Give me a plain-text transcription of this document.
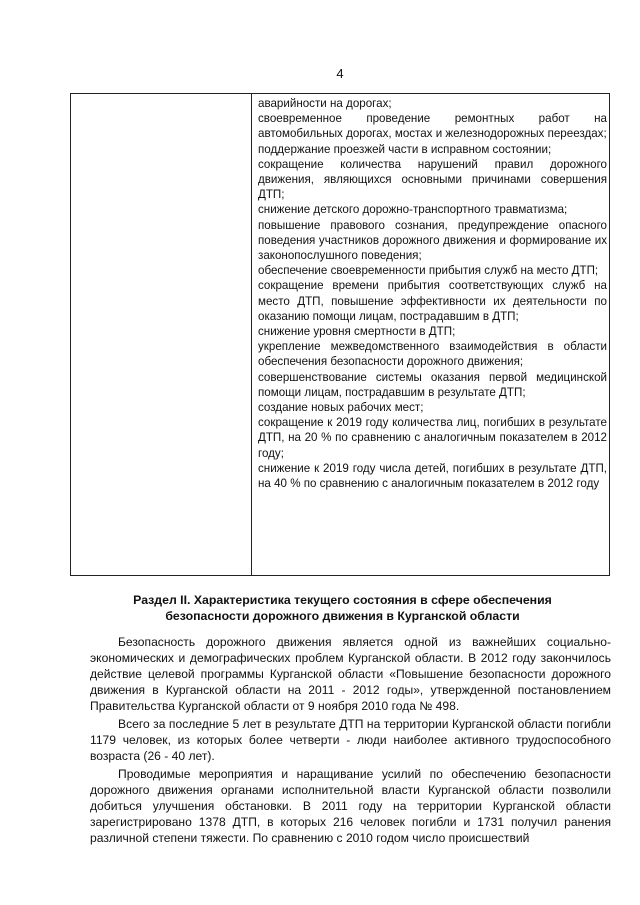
4

аварийности на дорогах;

своевременное проведение ремонтных работ на автомобильных дорогах, мостах и железнодорожных переездах;

поддержание проезжей части в исправном состоянии;

сокращение количества нарушений правил дорожного движения, являющихся основными причинами совершения ДТП;

снижение детского дорожно-транспортного травматизма;

повышение правового сознания, предупреждение опасного поведения участников дорожного движения и формирование их законопослушного поведения;

обеспечение своевременности прибытия служб на место ДТП;

сокращение времени прибытия соответствующих служб на место ДТП, повышение эффективности их деятельности по оказанию помощи лицам, пострадавшим в ДТП;

снижение уровня смертности в ДТП;

укрепление межведомственного взаимодействия в области обеспечения безопасности дорожного движения;

совершенствование системы оказания первой медицинской помощи лицам, пострадавшим в результате ДТП;

создание новых рабочих мест;

сокращение к 2019 году количества лиц, погибших в результате ДТП, на 20 % по сравнению с аналогичным показателем в 2012 году;

снижение к 2019 году числа детей, погибших в результате ДТП, на 40 % по сравнению с аналогичным показателем в 2012 году

Раздел II. Характеристика текущего состояния в сфере обеспечения
безопасности дорожного движения в Курганской области

Безопасность дорожного движения является одной из важнейших социально-экономических и демографических проблем Курганской области. В 2012 году закончилось действие целевой программы Курганской области «Повышение безопасности дорожного движения в Курганской области на 2011 - 2012 годы», утвержденной постановлением Правительства Курганской области от 9 ноября 2010 года № 498.

Всего за последние 5 лет в результате ДТП на территории Курганской области погибли 1179 человек, из которых более четверти - люди наиболее активного трудоспособного возраста (26 - 40 лет).

Проводимые мероприятия и наращивание усилий по обеспечению безопасности дорожного движения органами исполнительной власти Курганской области позволили добиться улучшения обстановки. В 2011 году на территории Курганской области зарегистрировано 1378 ДТП, в которых 216 человек погибли и 1731 получил ранения различной степени тяжести. По сравнению с 2010 годом число происшествий
